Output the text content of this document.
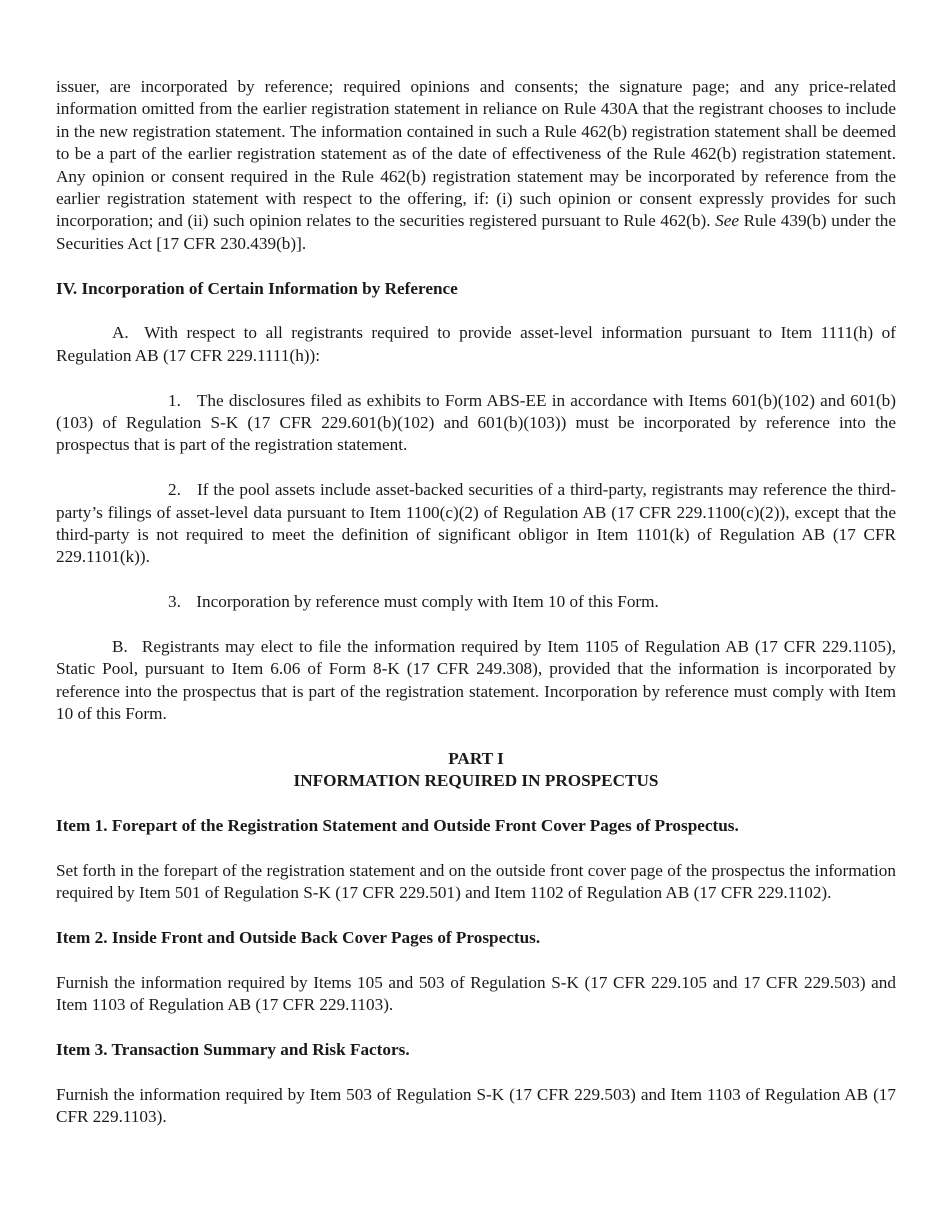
issuer, are incorporated by reference; required opinions and consents; the signature page; and any price-related information omitted from the earlier registration statement in reliance on Rule 430A that the registrant chooses to include in the new registration statement. The information contained in such a Rule 462(b) registration statement shall be deemed to be a part of the earlier registration statement as of the date of effectiveness of the Rule 462(b) registration statement. Any opinion or consent required in the Rule 462(b) registration statement may be incorporated by reference from the earlier registration statement with respect to the offering, if: (i) such opinion or consent expressly provides for such incorporation; and (ii) such opinion relates to the securities registered pursuant to Rule 462(b). See Rule 439(b) under the Securities Act [17 CFR 230.439(b)].

IV. Incorporation of Certain Information by Reference

A. With respect to all registrants required to provide asset-level information pursuant to Item 1111(h) of Regulation AB (17 CFR 229.1111(h)):

1. The disclosures filed as exhibits to Form ABS-EE in accordance with Items 601(b)(102) and 601(b)(103) of Regulation S-K (17 CFR 229.601(b)(102) and 601(b)(103)) must be incorporated by reference into the prospectus that is part of the registration statement.

2. If the pool assets include asset-backed securities of a third-party, registrants may reference the third-party’s filings of asset-level data pursuant to Item 1100(c)(2) of Regulation AB (17 CFR 229.1100(c)(2)), except that the third-party is not required to meet the definition of significant obligor in Item 1101(k) of Regulation AB (17 CFR 229.1101(k)).

3. Incorporation by reference must comply with Item 10 of this Form.

B. Registrants may elect to file the information required by Item 1105 of Regulation AB (17 CFR 229.1105), Static Pool, pursuant to Item 6.06 of Form 8-K (17 CFR 249.308), provided that the information is incorporated by reference into the prospectus that is part of the registration statement. Incorporation by reference must comply with Item 10 of this Form.

PART I
INFORMATION REQUIRED IN PROSPECTUS
Item 1. Forepart of the Registration Statement and Outside Front Cover Pages of Prospectus.

Set forth in the forepart of the registration statement and on the outside front cover page of the prospectus the information required by Item 501 of Regulation S-K (17 CFR 229.501) and Item 1102 of Regulation AB (17 CFR 229.1102).

Item 2. Inside Front and Outside Back Cover Pages of Prospectus.

Furnish the information required by Items 105 and 503 of Regulation S-K (17 CFR 229.105 and 17 CFR 229.503) and Item 1103 of Regulation AB (17 CFR 229.1103).

Item 3. Transaction Summary and Risk Factors.

Furnish the information required by Item 503 of Regulation S-K (17 CFR 229.503) and Item 1103 of Regulation AB (17 CFR 229.1103).
